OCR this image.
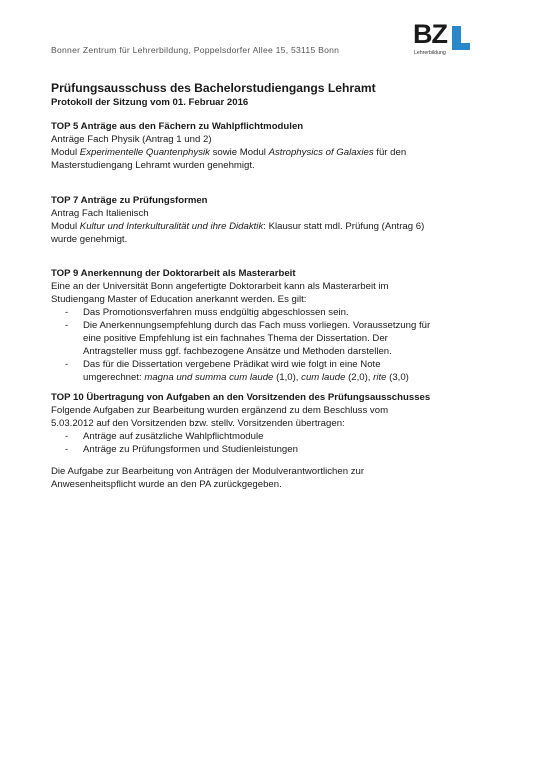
Bonner Zentrum für Lehrerbildung, Poppelsdorfer Allee 15, 53115 Bonn
BZ
Lehrerbildung
Prüfungsausschuss des Bachelorstudiengangs Lehramt
Protokoll der Sitzung vom 01. Februar 2016
TOP 5 Anträge aus den Fächern zu Wahlpflichtmodulen

Anträge Fach Physik (Antrag 1 und 2)

Modul Experimentelle Quantenphysik sowie Modul Astrophysics of Galaxies für den Masterstudiengang Lehramt wurden genehmigt.

TOP 7 Anträge zu Prüfungsformen

Antrag Fach Italienisch

Modul Kultur und Interkulturalität und ihre Didaktik: Klausur statt mdl. Prüfung (Antrag 6) wurde genehmigt.

TOP 9 Anerkennung der Doktorarbeit als Masterarbeit

Eine an der Universität Bonn angefertigte Doktorarbeit kann als Masterarbeit im Studiengang Master of Education anerkannt werden. Es gilt:

- Das Promotionsverfahren muss endgültig abgeschlossen sein.
- Die Anerkennungsempfehlung durch das Fach muss vorliegen. Voraussetzung für eine positive Empfehlung ist ein fachnahes Thema der Dissertation. Der Antragsteller muss ggf. fachbezogene Ansätze und Methoden darstellen.
- Das für die Dissertation vergebene Prädikat wird wie folgt in eine Note umgerechnet: magna und summa cum laude (1,0), cum laude (2,0), rite (3,0)
TOP 10 Übertragung von Aufgaben an den Vorsitzenden des Prüfungsausschusses

Folgende Aufgaben zur Bearbeitung wurden ergänzend zu dem Beschluss vom 5.03.2012 auf den Vorsitzenden bzw. stellv. Vorsitzenden übertragen:

- Anträge auf zusätzliche Wahlpflichtmodule
- Anträge zu Prüfungsformen und Studienleistungen

Die Aufgabe zur Bearbeitung von Anträgen der Modulverantwortlichen zur Anwesenheitspflicht wurde an den PA zurückgegeben.
